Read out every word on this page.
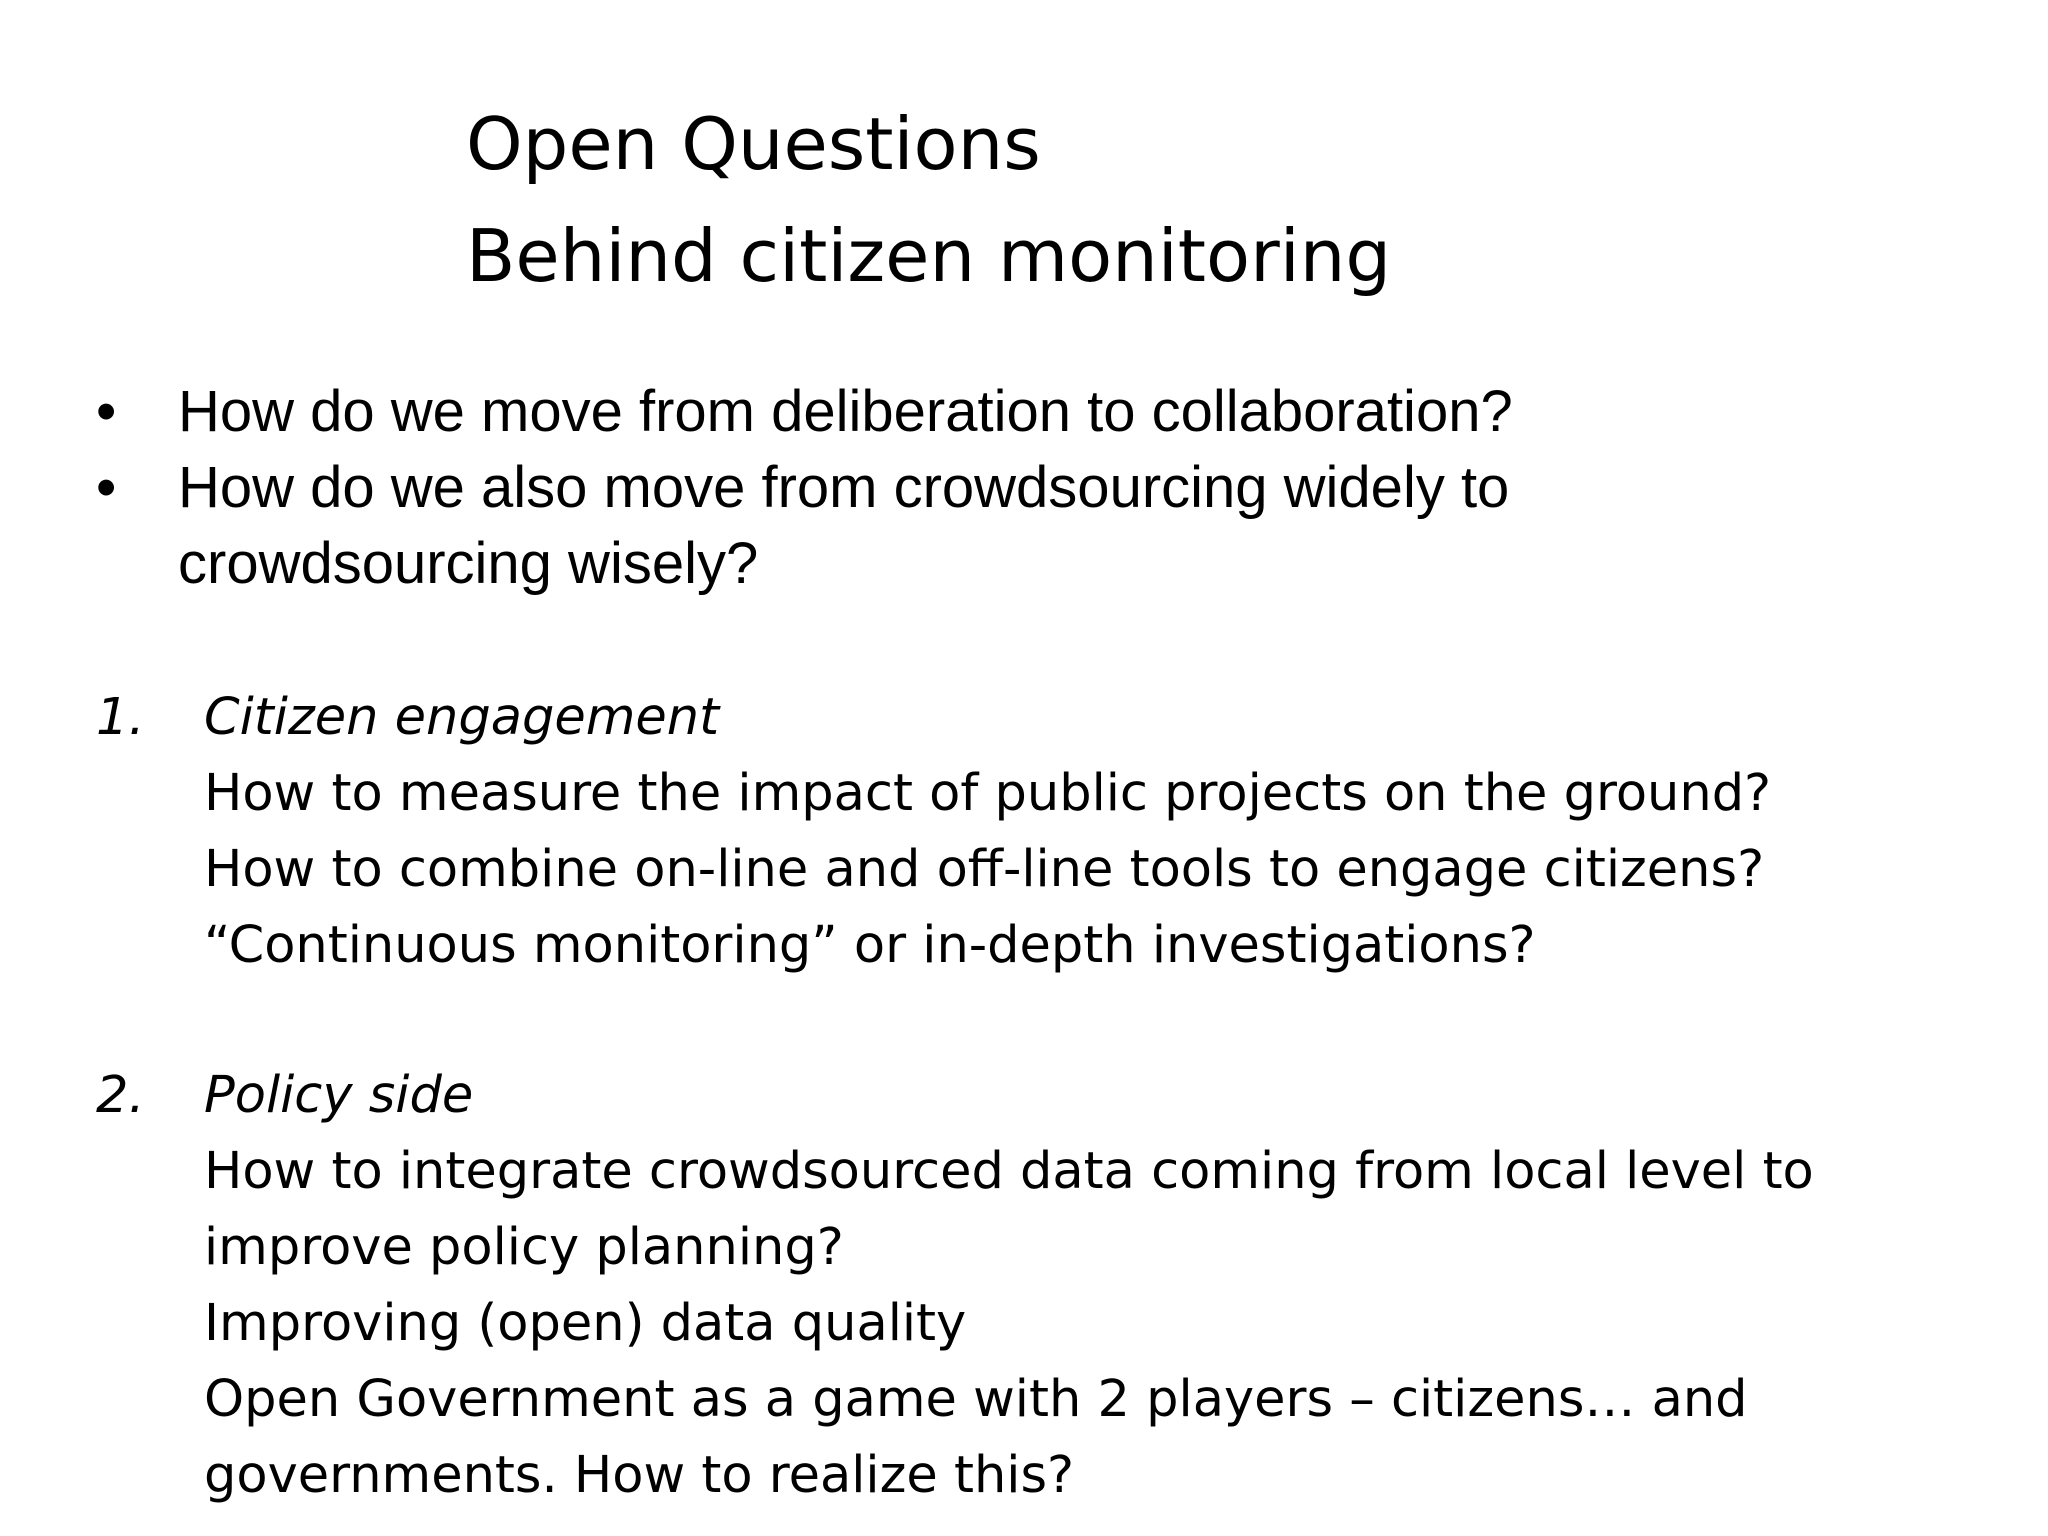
Open Questions
Behind citizen monitoring
• How do we move from deliberation to collaboration?
• How do we also move from crowdsourcing widely to
crowdsourcing wisely?
1. Citizen engagement
How to measure the impact of public projects on the ground?
How to combine on-line and off-line tools to engage citizens?
“Continuous monitoring” or in-depth investigations?
2. Policy side
How to integrate crowdsourced data coming from local level to
improve policy planning?
Improving (open) data quality
Open Government as a game with 2 players – citizens… and
governments. How to realize this?
